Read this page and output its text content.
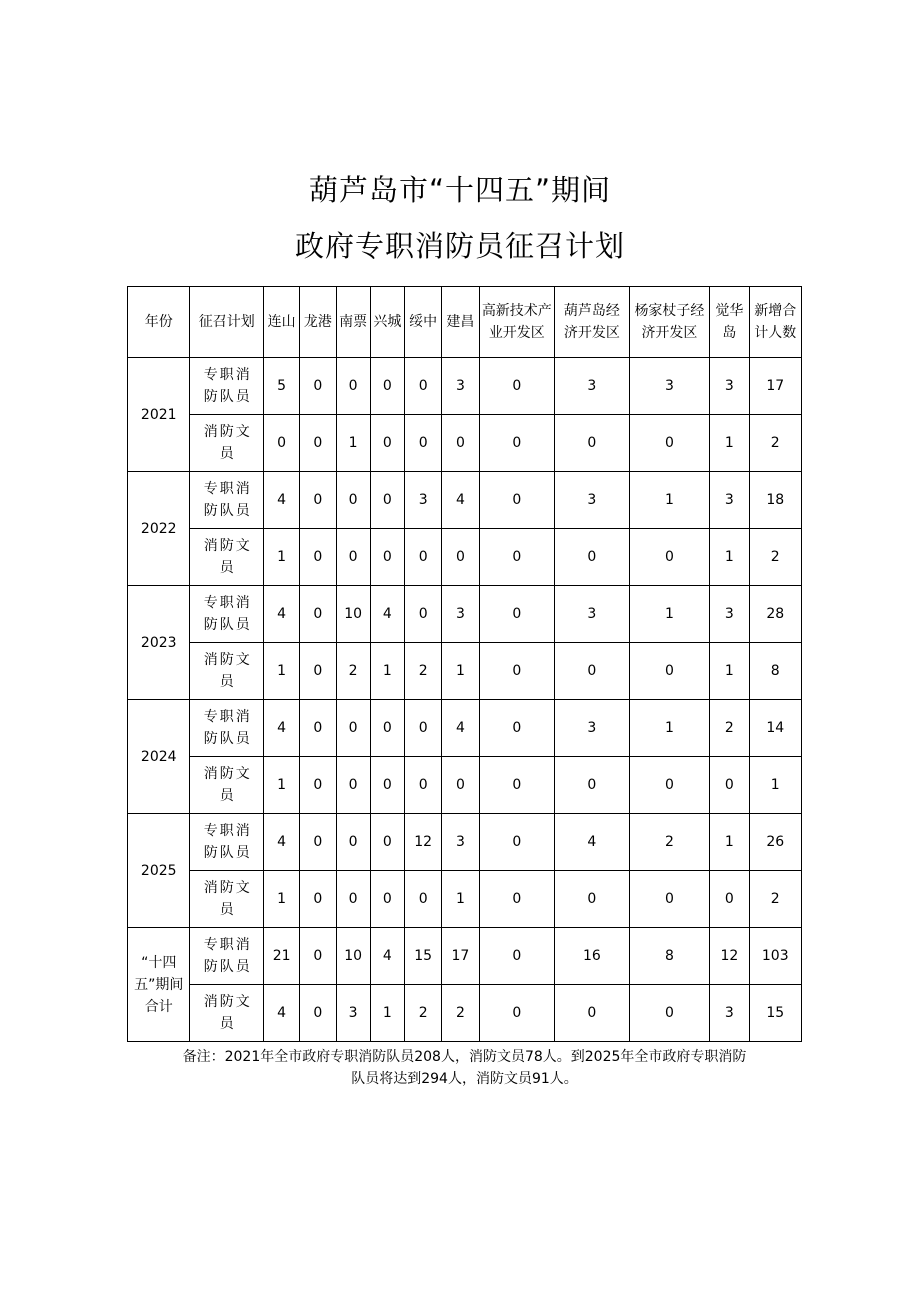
葫芦岛市“十四五”期间
政府专职消防员征召计划
年份	征召计划	连山	龙港	南票	兴城	绥中	建昌	高新技术产业开发区	葫芦岛经济开发区	杨家杖子经济开发区	觉华岛	新增合计人数
2021	专职消防队员	5	0	0	0	0	3	0	3	3	3	17
	消防文员	0	0	1	0	0	0	0	0	0	1	2
2022	专职消防队员	4	0	0	0	3	4	0	3	1	3	18
	消防文员	1	0	0	0	0	0	0	0	0	1	2
2023	专职消防队员	4	0	10	4	0	3	0	3	1	3	28
	消防文员	1	0	2	1	2	1	0	0	0	1	8
2024	专职消防队员	4	0	0	0	0	4	0	3	1	2	14
	消防文员	1	0	0	0	0	0	0	0	0	0	1
2025	专职消防队员	4	0	0	0	12	3	0	4	2	1	26
	消防文员	1	0	0	0	0	1	0	0	0	0	2
“十四五”期间合计	专职消防队员	21	0	10	4	15	17	0	16	8	12	103
	消防文员	4	0	3	1	2	2	0	0	0	3	15
备注：2021年全市政府专职消防队员208人，消防文员78人。到2025年全市政府专职消防
队员将达到294人，消防文员91人。
